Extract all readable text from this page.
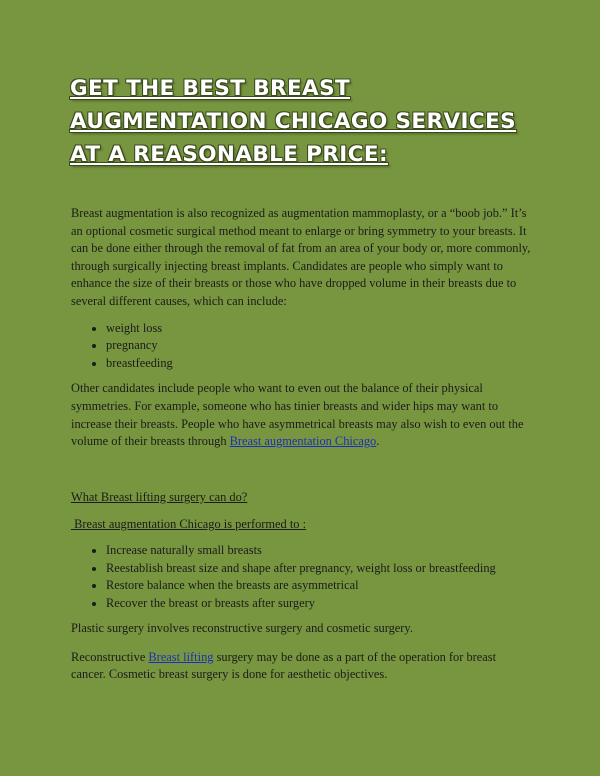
GET THE BEST BREAST AUGMENTATION CHICAGO SERVICES AT A REASONABLE PRICE:

Breast augmentation is also recognized as augmentation mammoplasty, or a “boob job.” It’s an optional cosmetic surgical method meant to enlarge or bring symmetry to your breasts. It can be done either through the removal of fat from an area of your body or, more commonly, through surgically injecting breast implants. Candidates are people who simply want to enhance the size of their breasts or those who have dropped volume in their breasts due to several different causes, which can include:

• weight loss
• pregnancy
• breastfeeding

Other candidates include people who want to even out the balance of their physical symmetries. For example, someone who has tinier breasts and wider hips may want to increase their breasts. People who have asymmetrical breasts may also wish to even out the volume of their breasts through Breast augmentation Chicago.

What Breast lifting surgery can do?

Breast augmentation Chicago is performed to :

• Increase naturally small breasts
• Reestablish breast size and shape after pregnancy, weight loss or breastfeeding
• Restore balance when the breasts are asymmetrical
• Recover the breast or breasts after surgery

Plastic surgery involves reconstructive surgery and cosmetic surgery.

Reconstructive Breast lifting surgery may be done as a part of the operation for breast cancer. Cosmetic breast surgery is done for aesthetic objectives.
